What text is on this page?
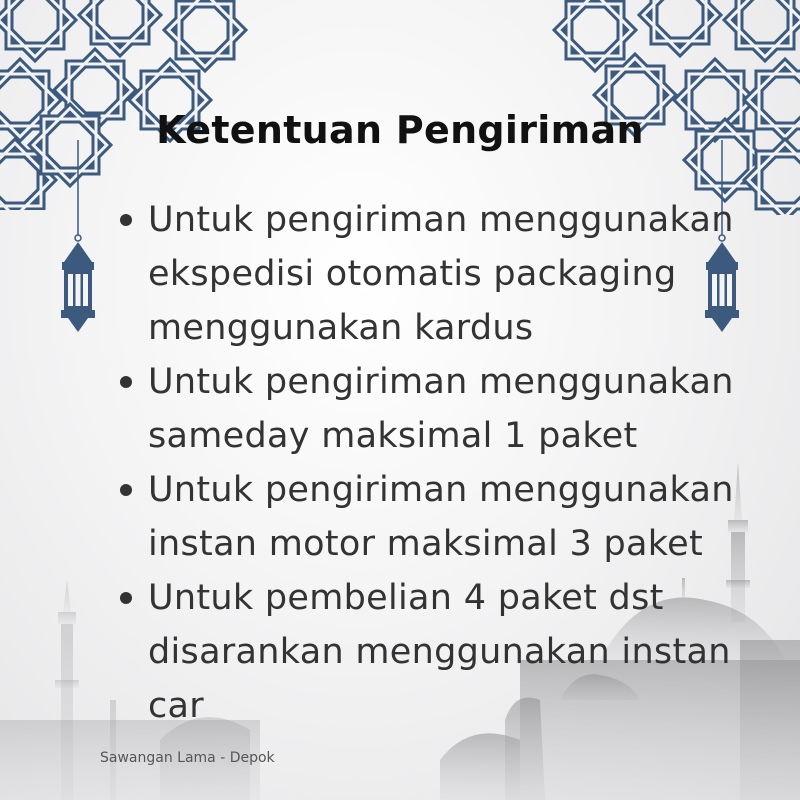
Ketentuan Pengiriman
Untuk pengiriman menggunakan ekspedisi otomatis packaging menggunakan kardus
Untuk pengiriman menggunakan sameday maksimal 1 paket
Untuk pengiriman menggunakan instan motor maksimal 3 paket
Untuk pembelian 4 paket dst disarankan menggunakan instan car
Sawangan Lama - Depok
